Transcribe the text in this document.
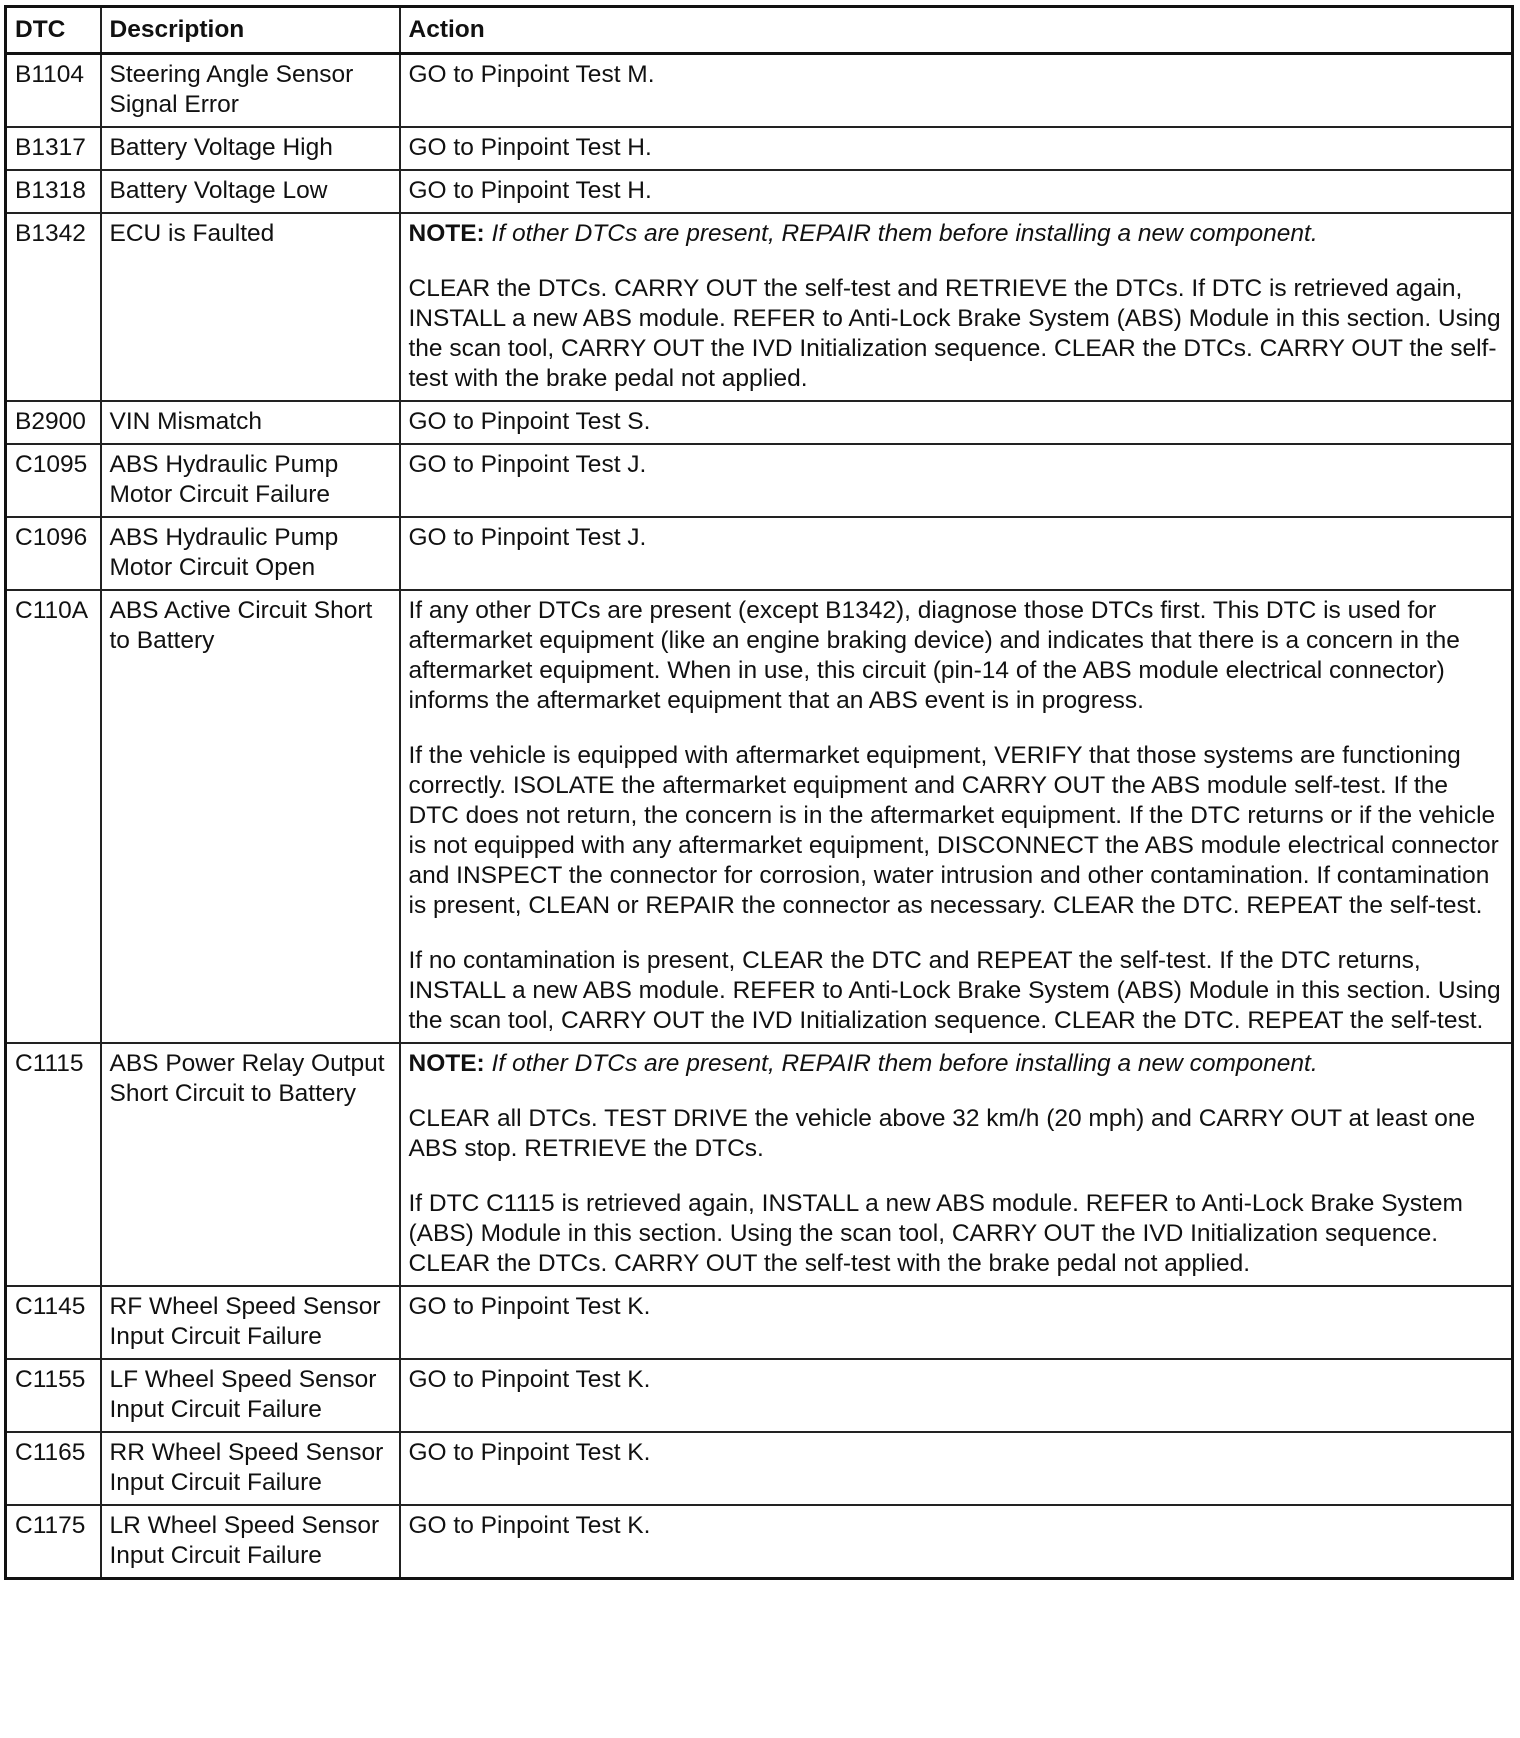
DTC	Description	Action
B1104	Steering Angle Sensor Signal Error	GO to Pinpoint Test M.

B1317	Battery Voltage High	GO to Pinpoint Test H.

B1318	Battery Voltage Low	GO to Pinpoint Test H.

B1342	ECU is Faulted	NOTE: If other DTCs are present, REPAIR them before installing a new component.

CLEAR the DTCs. CARRY OUT the self-test and RETRIEVE the DTCs. If DTC is retrieved again, INSTALL a new ABS module. REFER to Anti-Lock Brake System (ABS) Module in this section. Using the scan tool, CARRY OUT the IVD Initialization sequence. CLEAR the DTCs. CARRY OUT the self-test with the brake pedal not applied.

B2900	VIN Mismatch	GO to Pinpoint Test S.

C1095	ABS Hydraulic Pump Motor Circuit Failure	GO to Pinpoint Test J.

C1096	ABS Hydraulic Pump Motor Circuit Open	GO to Pinpoint Test J.

C110A	ABS Active Circuit Short to Battery	If any other DTCs are present (except B1342), diagnose those DTCs first. This DTC is used for aftermarket equipment (like an engine braking device) and indicates that there is a concern in the aftermarket equipment. When in use, this circuit (pin-14 of the ABS module electrical connector) informs the aftermarket equipment that an ABS event is in progress.

If the vehicle is equipped with aftermarket equipment, VERIFY that those systems are functioning correctly. ISOLATE the aftermarket equipment and CARRY OUT the ABS module self-test. If the DTC does not return, the concern is in the aftermarket equipment. If the DTC returns or if the vehicle is not equipped with any aftermarket equipment, DISCONNECT the ABS module electrical connector and INSPECT the connector for corrosion, water intrusion and other contamination. If contamination is present, CLEAN or REPAIR the connector as necessary. CLEAR the DTC. REPEAT the self-test.

If no contamination is present, CLEAR the DTC and REPEAT the self-test. If the DTC returns, INSTALL a new ABS module. REFER to Anti-Lock Brake System (ABS) Module in this section. Using the scan tool, CARRY OUT the IVD Initialization sequence. CLEAR the DTC. REPEAT the self-test.

C1115	ABS Power Relay Output Short Circuit to Battery	NOTE: If other DTCs are present, REPAIR them before installing a new component.

CLEAR all DTCs. TEST DRIVE the vehicle above 32 km/h (20 mph) and CARRY OUT at least one ABS stop. RETRIEVE the DTCs.

If DTC C1115 is retrieved again, INSTALL a new ABS module. REFER to Anti-Lock Brake System (ABS) Module in this section. Using the scan tool, CARRY OUT the IVD Initialization sequence. CLEAR the DTCs. CARRY OUT the self-test with the brake pedal not applied.

C1145	RF Wheel Speed Sensor Input Circuit Failure	GO to Pinpoint Test K.

C1155	LF Wheel Speed Sensor Input Circuit Failure	GO to Pinpoint Test K.

C1165	RR Wheel Speed Sensor Input Circuit Failure	GO to Pinpoint Test K.

C1175	LR Wheel Speed Sensor Input Circuit Failure	GO to Pinpoint Test K.
